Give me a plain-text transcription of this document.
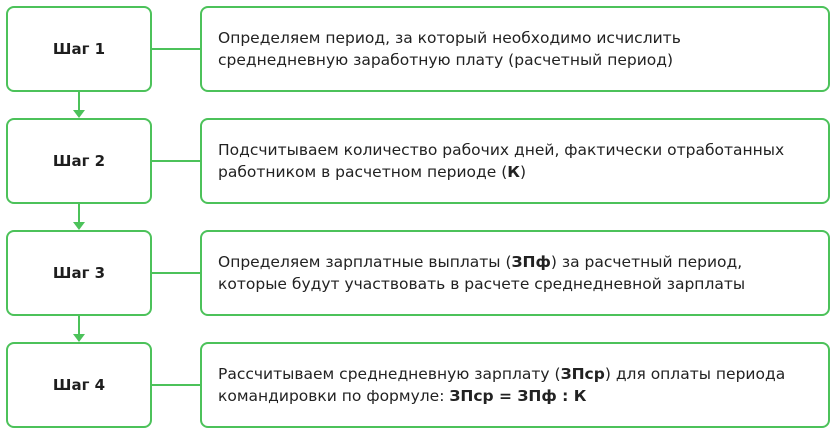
Шаг 1
Определяем период, за который необходимо исчислить среднедневную заработную плату (расчетный период)
Шаг 2
Подсчитываем количество рабочих дней, фактически отработанных работником в расчетном периоде (К)
Шаг 3
Определяем зарплатные выплаты (ЗПф) за расчетный период, которые будут участвовать в расчете среднедневной зарплаты
Шаг 4
Рассчитываем среднедневную зарплату (ЗПср) для оплаты периода командировки по формуле: ЗПср = ЗПф : К
